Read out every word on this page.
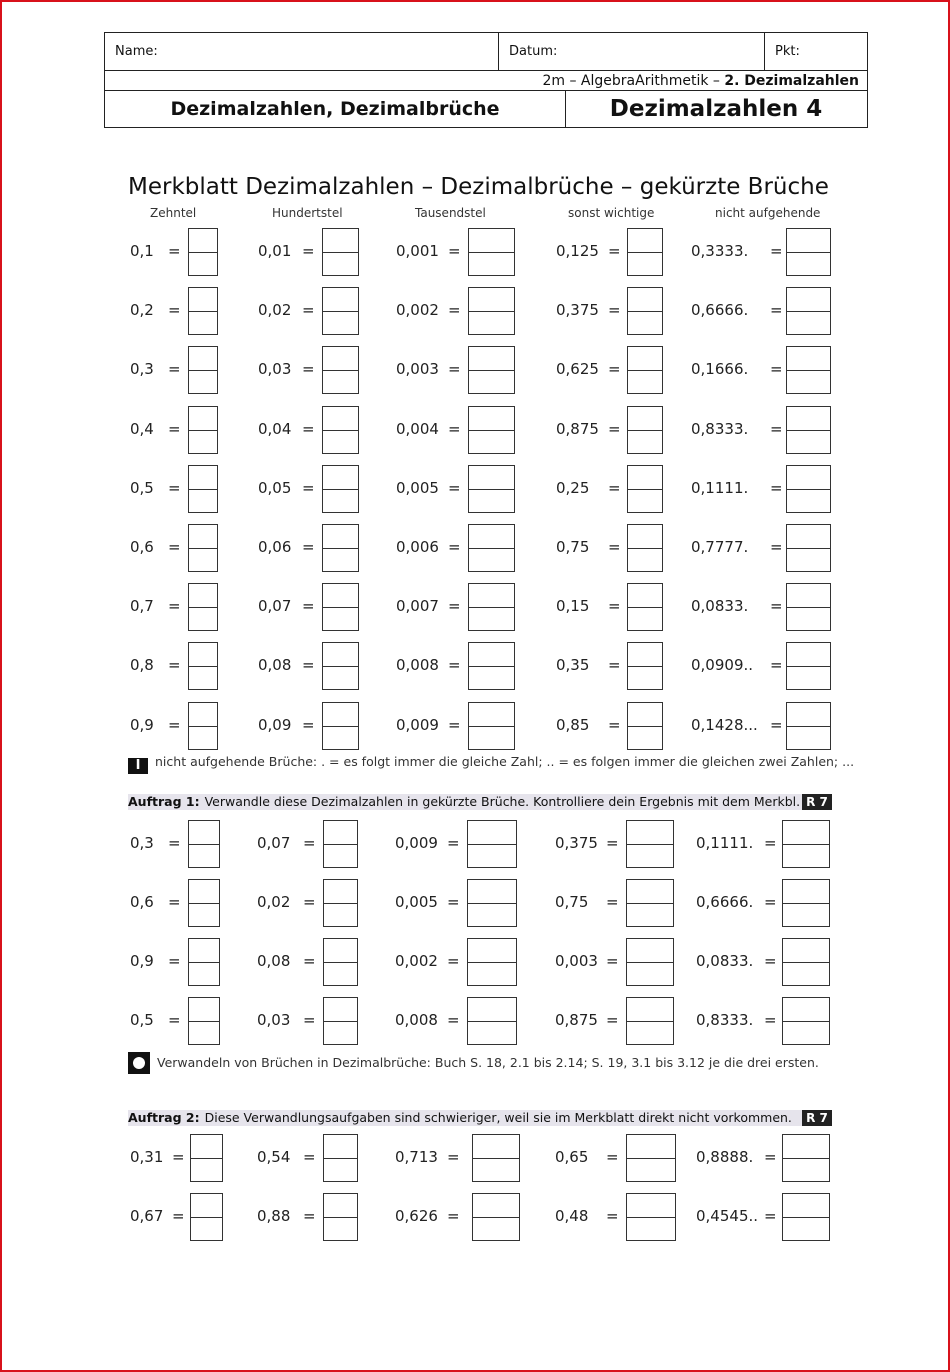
Name:	Datum:	Pkt:
2m – AlgebraArithmetik – 2. Dezimalzahlen
Dezimalzahlen, Dezimalbrüche	Dezimalzahlen 4
Merkblatt Dezimalzahlen – Dezimalbrüche – gekürzte Brüche
Zehntel	Hundertstel	Tausendstel	sonst wichtige	nicht aufgehende
0,1 =	0,01 =	0,001 =	0,125 =	0,3333. =
0,2 =	0,02 =	0,002 =	0,375 =	0,6666. =
0,3 =	0,03 =	0,003 =	0,625 =	0,1666. =
0,4 =	0,04 =	0,004 =	0,875 =	0,8333. =
0,5 =	0,05 =	0,005 =	0,25 =	0,1111. =
0,6 =	0,06 =	0,006 =	0,75 =	0,7777. =
0,7 =	0,07 =	0,007 =	0,15 =	0,0833. =
0,8 =	0,08 =	0,008 =	0,35 =	0,0909.. =
0,9 =	0,09 =	0,009 =	0,85 =	0,1428... =
I	nicht aufgehende Brüche: . = es folgt immer die gleiche Zahl; .. = es folgen immer die gleichen zwei Zahlen; ...
Auftrag 1: Verwandle diese Dezimalzahlen in gekürzte Brüche. Kontrolliere dein Ergebnis mit dem Merkbl. R 7
0,3 =	0,07 =	0,009 =	0,375 =	0,1111. =
0,6 =	0,02 =	0,005 =	0,75 =	0,6666. =
0,9 =	0,08 =	0,002 =	0,003 =	0,0833. =
0,5 =	0,03 =	0,008 =	0,875 =	0,8333. =
Verwandeln von Brüchen in Dezimalbrüche: Buch S. 18, 2.1 bis 2.14; S. 19, 3.1 bis 3.12 je die drei ersten.
Auftrag 2: Diese Verwandlungsaufgaben sind schwieriger, weil sie im Merkblatt direkt nicht vorkommen.	R 7
0,31 =	0,54 =	0,713 =	0,65 =	0,8888. =
0,67 =	0,88 =	0,626 =	0,48 =	0,4545.. =
